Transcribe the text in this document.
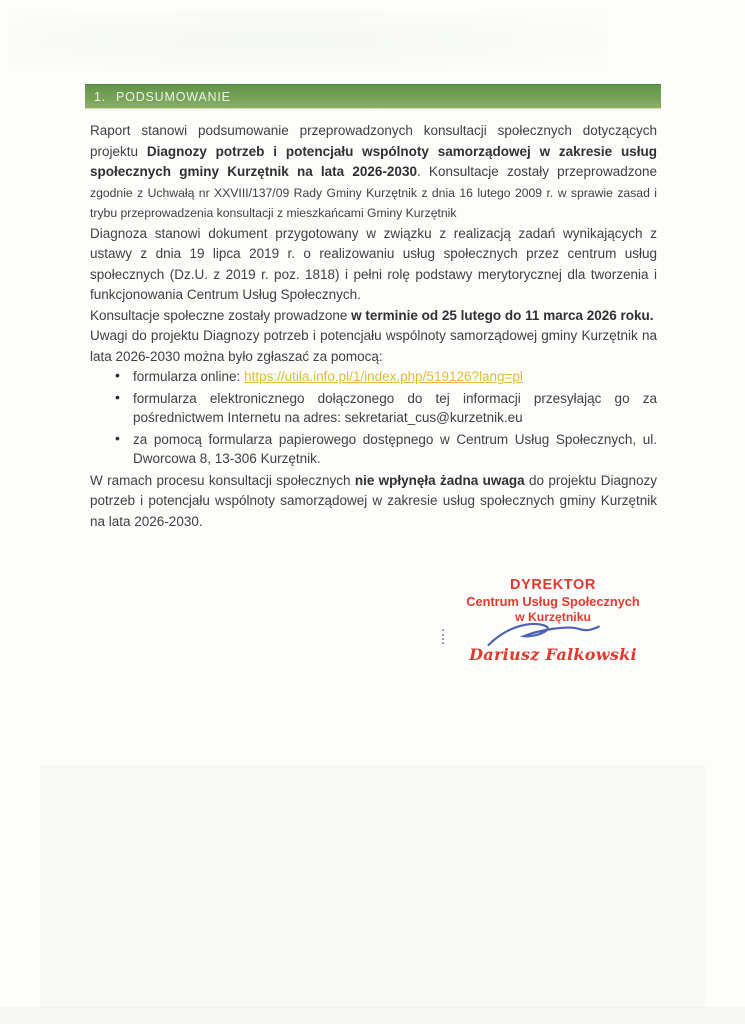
1. PODSUMOWANIE

Raport stanowi podsumowanie przeprowadzonych konsultacji społecznych dotyczących projektu Diagnozy potrzeb i potencjału wspólnoty samorządowej w zakresie usług społecznych gminy Kurzętnik na lata 2026-2030. Konsultacje zostały przeprowadzone zgodnie z Uchwałą nr XXVIII/137/09 Rady Gminy Kurzętnik z dnia 16 lutego 2009 r. w sprawie zasad i trybu przeprowadzenia konsultacji z mieszkańcami Gminy Kurzętnik

Diagnoza stanowi dokument przygotowany w związku z realizacją zadań wynikających z ustawy z dnia 19 lipca 2019 r. o realizowaniu usług społecznych przez centrum usług społecznych (Dz.U. z 2019 r. poz. 1818) i pełni rolę podstawy merytorycznej dla tworzenia i funkcjonowania Centrum Usług Społecznych.

Konsultacje społeczne zostały prowadzone w terminie od 25 lutego do 11 marca 2026 roku.

Uwagi do projektu Diagnozy potrzeb i potencjału wspólnoty samorządowej gminy Kurzętnik na lata 2026-2030 można było zgłaszać za pomocą:

• formularza online: https://utila.info.pl/1/index.php/519126?lang=pl
• formularza elektronicznego dołączonego do tej informacji przesyłając go za pośrednictwem Internetu na adres: sekretariat_cus@kurzetnik.eu
• za pomocą formularza papierowego dostępnego w Centrum Usług Społecznych, ul. Dworcowa 8, 13-306 Kurzętnik.

W ramach procesu konsultacji społecznych nie wpłynęła żadna uwaga do projektu Diagnozy potrzeb i potencjału wspólnoty samorządowej w zakresie usług społecznych gminy Kurzętnik na lata 2026-2030.

DYREKTOR
Centrum Usług Społecznych
w Kurzętniku
Dariusz Falkowski
